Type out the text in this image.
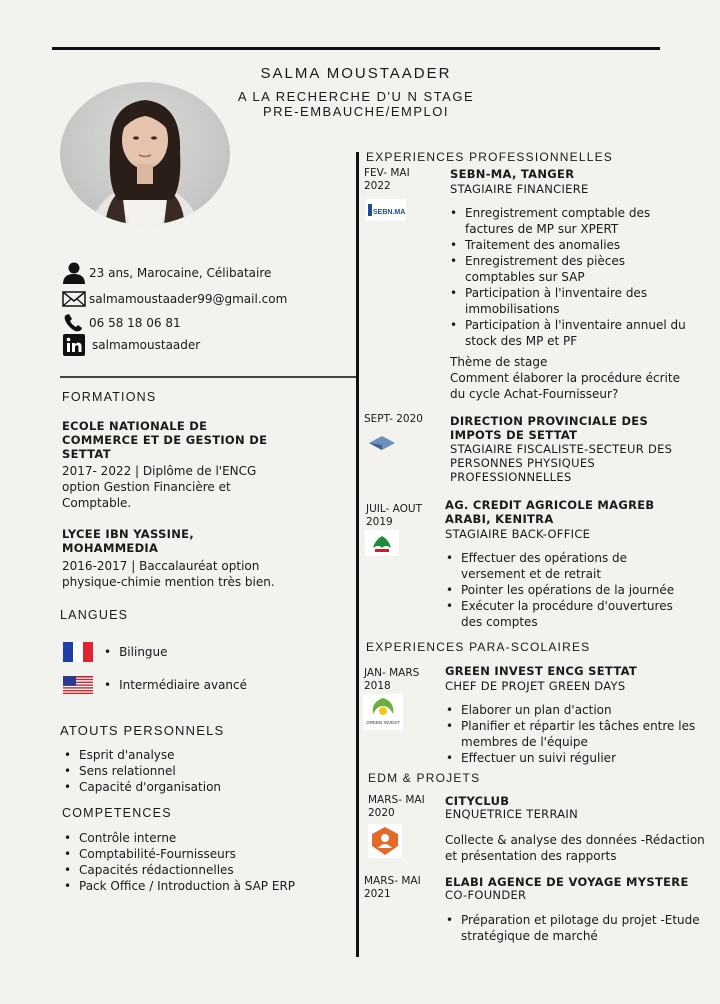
SALMA MOUSTAADER
A LA RECHERCHE D'U N STAGE
PRE-EMBAUCHE/EMPLOI
23 ans, Marocaine, Célibataire
salmamoustaader99@gmail.com
06 58 18 06 81
salmamoustaader
FORMATIONS
ECOLE NATIONALE DE COMMERCE ET DE GESTION DE SETTAT
2017- 2022 | Diplôme de l'ENCG option Gestion Financière et Comptable.
LYCEE IBN YASSINE, MOHAMMEDIA
2016-2017 | Baccalauréat option physique-chimie mention très bien.
LANGUES
• Bilingue
• Intermédiaire avancé
ATOUTS PERSONNELS
• Esprit d'analyse
• Sens relationnel
• Capacité d'organisation
COMPETENCES
• Contrôle interne
• Comptabilité-Fournisseurs
• Capacités rédactionnelles
• Pack Office / Introduction à SAP ERP
EXPERIENCES PROFESSIONNELLES
FEV- MAI 2022
SEBN.MA
SEBN-MA, TANGER
STAGIAIRE FINANCIERE
• Enregistrement comptable des factures de MP sur XPERT
• Traitement des anomalies
• Enregistrement des pièces comptables sur SAP
• Participation à l'inventaire des immobilisations
• Participation à l'inventaire annuel du stock des MP et PF
Thème de stage
Comment élaborer la procédure écrite du cycle Achat-Fournisseur?
SEPT- 2020 DIRECTION PROVINCIALE DES IMPOTS DE SETTAT
STAGIAIRE FISCALISTE-SECTEUR DES PERSONNES PHYSIQUES PROFESSIONNELLES
JUIL- AOUT 2019
AG. CREDIT AGRICOLE MAGREB ARABI, KENITRA
STAGIAIRE BACK-OFFICE
• Effectuer des opérations de versement et de retrait
• Pointer les opérations de la journée
• Exécuter la procédure d'ouvertures des comptes
EXPERIENCES PARA-SCOLAIRES
JAN- MARS 2018
GREEN INVEST
GREEN INVEST ENCG SETTAT
CHEF DE PROJET GREEN DAYS
• Elaborer un plan d'action
• Planifier et répartir les tâches entre les membres de l'équipe
• Effectuer un suivi régulier
EDM & PROJETS
MARS- MAI 2020
CITYCLUB
ENQUETRICE TERRAIN
Collecte & analyse des données -Rédaction et présentation des rapports
MARS- MAI 2021
ELABI AGENCE DE VOYAGE MYSTERE
CO-FOUNDER
• Préparation et pilotage du projet -Etude stratégique de marché
